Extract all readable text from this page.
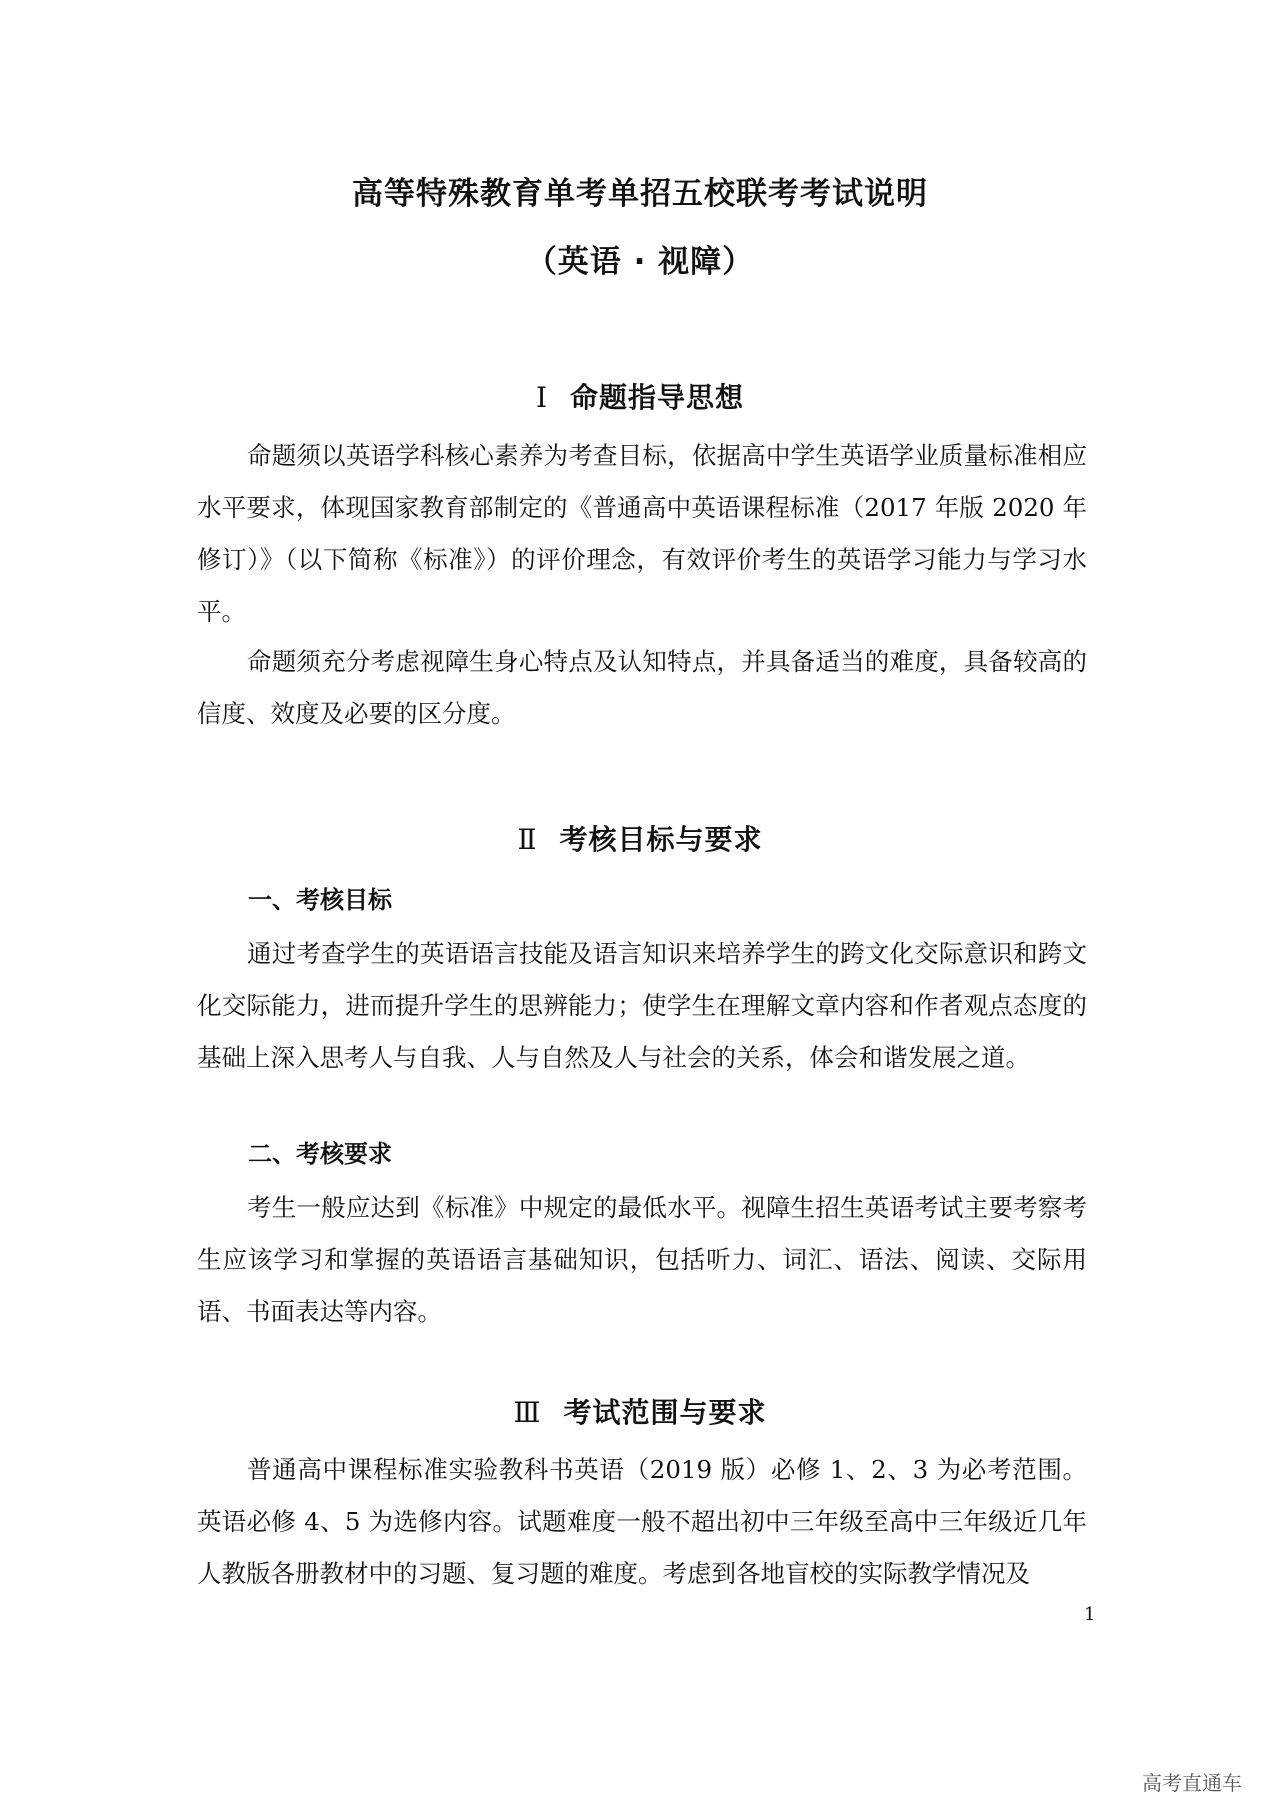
高等特殊教育单考单招五校联考考试说明
（英语 · 视障）
Ⅰ 命题指导思想

命题须以英语学科核心素养为考查目标，依据高中学生英语学业质量标准相应水平要求，体现国家教育部制定的《普通高中英语课程标准（2017 年版 2020 年修订）》（以下简称《标准》）的评价理念，有效评价考生的英语学习能力与学习水平。

命题须充分考虑视障生身心特点及认知特点，并具备适当的难度，具备较高的信度、效度及必要的区分度。

Ⅱ 考核目标与要求
一、考核目标

通过考查学生的英语语言技能及语言知识来培养学生的跨文化交际意识和跨文化交际能力，进而提升学生的思辨能力；使学生在理解文章内容和作者观点态度的基础上深入思考人与自我、人与自然及人与社会的关系，体会和谐发展之道。

二、考核要求

考生一般应达到《标准》中规定的最低水平。视障生招生英语考试主要考察考生应该学习和掌握的英语语言基础知识，包括听力、词汇、语法、阅读、交际用语、书面表达等内容。

Ⅲ 考试范围与要求

普通高中课程标准实验教科书英语（2019 版）必修 1、2、3 为必考范围。英语必修 4、5 为选修内容。试题难度一般不超出初中三年级至高中三年级近几年人教版各册教材中的习题、复习题的难度。考虑到各地盲校的实际教学情况及

1
高考直通车
